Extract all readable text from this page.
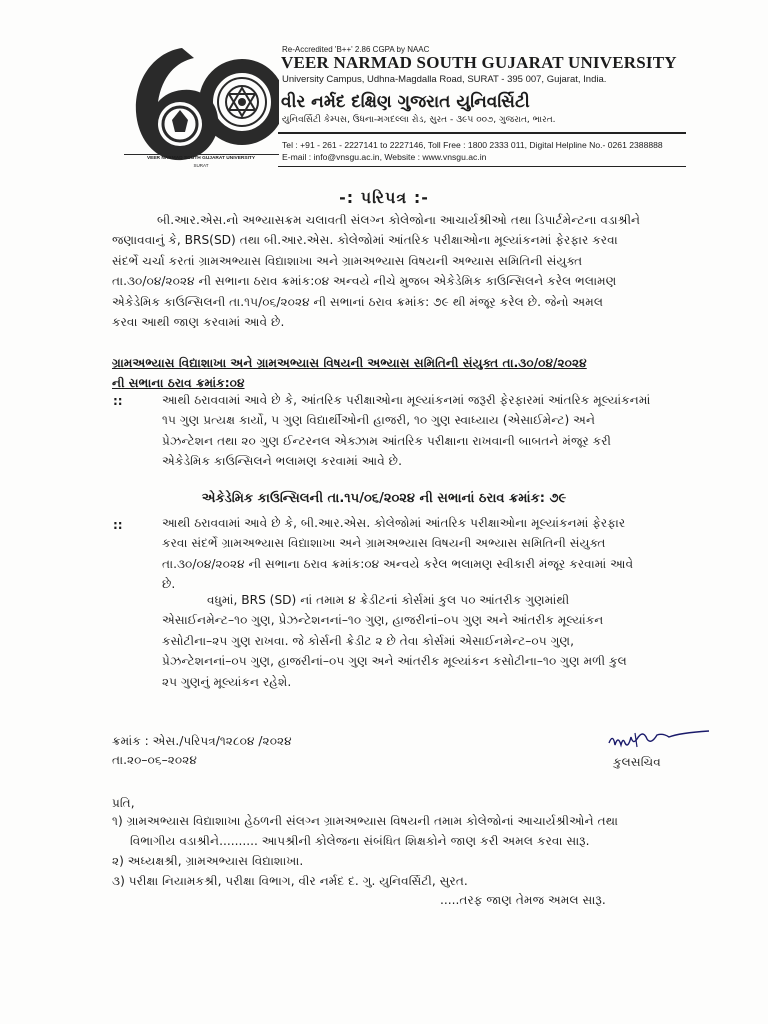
VEER NARMAD SOUTH GUJARAT UNIVERSITY
SURAT
Re-Accredited 'B++' 2.86 CGPA by NAAC
VEER NARMAD SOUTH GUJARAT UNIVERSITY
University Campus, Udhna-Magdalla Road, SURAT - 395 007, Gujarat, India.
વીર નર્મદ દક્ષિણ ગુજરાત યુનિવર્સિટી
યુનિવર્સિટી કેમ્પસ, ઉધના-મગદલ્લા રોડ, સુરત - ૩૯૫ ૦૦૭, ગુજરાત, ભારત.
Tel : +91 - 261 - 2227141 to 2227146, Toll Free : 1800 2333 011, Digital Helpline No.- 0261 2388888
E-mail : info@vnsgu.ac.in, Website : www.vnsgu.ac.in
-: પરિપત્ર :-
બી.આર.એસ.નો અભ્યાસક્રમ ચલાવતી સંલગ્ન કોલેજોના આચાર્યશ્રીઓ તથા ડિપાર્ટમેન્ટના વડાશ્રીને
જણાવવાનું કે, BRS(SD) તથા બી.આર.એસ. કોલેજોમાં આંતરિક પરીક્ષાઓના મૂલ્યાંકનમાં ફેરફાર કરવા
સંદર્ભે ચર્ચા કરતાં ગ્રામઅભ્યાસ વિદ્યાશાખા અને ગ્રામઅભ્યાસ વિષયની અભ્યાસ સમિતિની સંયુક્ત
તા.૩૦/૦૪/૨૦૨૪ ની સભાના ઠરાવ ક્રમાંક:૦૪ અન્વયે નીચે મુજબ એકેડેમિક કાઉન્સિલને કરેલ ભલામણ
એકેડેમિક કાઉન્સિલની તા.૧૫/૦૬/૨૦૨૪ ની સભાનાં ઠરાવ ક્રમાંક: ૭૯ થી મંજૂર કરેલ છે. જેનો અમલ
કરવા આથી જાણ કરવામાં આવે છે.
ગ્રામઅભ્યાસ વિદ્યાશાખા અને ગ્રામઅભ્યાસ વિષયની અભ્યાસ સમિતિની સંયુક્ત તા.૩૦/૦૪/૨૦૨૪
ની સભાના ઠરાવ ક્રમાંક:૦૪
::	આથી ઠરાવવામાં આવે છે કે, આંતરિક પરીક્ષાઓના મૂલ્યાંકનમાં જરૂરી ફેરફારમાં આંતરિક મૂલ્યાંકનમાં
૧૫ ગુણ પ્રત્યક્ષ કાર્યો, ૫ ગુણ વિદ્યાર્થીઓની હાજરી, ૧૦ ગુણ સ્વાધ્યાય (એસાઈમેન્ટ) અને
પ્રેઝન્ટેશન તથા ૨૦ ગુણ ઈન્ટરનલ એક્ઝામ આંતરિક પરીક્ષાના રાખવાની બાબતને મંજૂર કરી
એકેડેમિક કાઉન્સિલને ભલામણ કરવામાં આવે છે.
એકેડેમિક કાઉન્સિલની તા.૧૫/૦૬/૨૦૨૪ ની સભાનાં ઠરાવ ક્રમાંક: ૭૯
::	આથી ઠરાવવામાં આવે છે કે, બી.આર.એસ. કોલેજોમાં આંતરિક પરીક્ષાઓના મૂલ્યાંકનમાં ફેરફાર
કરવા સંદર્ભે ગ્રામઅભ્યાસ વિદ્યાશાખા અને ગ્રામઅભ્યાસ વિષયની અભ્યાસ સમિતિની સંયુક્ત
તા.૩૦/૦૪/૨૦૨૪ ની સભાના ઠરાવ ક્રમાંક:૦૪ અન્વયે કરેલ ભલામણ સ્વીકારી મંજૂર કરવામાં આવે
છે.
વધુમાં, BRS (SD) નાં તમામ ૪ ક્રેડીટનાં કોર્સમાં કુલ ૫૦ આંતરીક ગુણમાંથી
એસાઈનમેન્ટ–૧૦ ગુણ, પ્રેઝન્ટેશનનાં–૧૦ ગુણ, હાજરીનાં–૦૫ ગુણ અને આંતરીક મૂલ્યાંકન
કસોટીના–૨૫ ગુણ રાખવા. જે કોર્સની ક્રેડીટ ૨ છે તેવા કોર્સમાં એસાઈનમેન્ટ–૦૫ ગુણ,
પ્રેઝન્ટેશનનાં–૦૫ ગુણ, હાજરીનાં–૦૫ ગુણ અને આંતરીક મૂલ્યાંકન કસોટીના–૧૦ ગુણ મળી કુલ
૨૫ ગુણનું મૂલ્યાંકન રહેશે.
ક્રમાંક : એસ./પરિપત્ર/૧૨૮૦૪ /૨૦૨૪
તા.૨૦–૦૬–૨૦૨૪	કુલસચિવ
પ્રતિ,
૧) ગ્રામઅભ્યાસ વિદ્યાશાખા હેઠળની સંલગ્ન ગ્રામઅભ્યાસ વિષયની તમામ કોલેજોનાં આચાર્યશ્રીઓને તથા
વિભાગીય વડાશ્રીને.......... આપશ્રીની કોલેજના સંબંધિત શિક્ષકોને જાણ કરી અમલ કરવા સારૂ.
૨) અધ્યક્ષશ્રી, ગ્રામઅભ્યાસ વિદ્યાશાખા.
૩) પરીક્ષા નિયામકશ્રી, પરીક્ષા વિભાગ, વીર નર્મદ દ. ગુ. યુનિવર્સિટી, સુરત.
.....તરફ જાણ તેમજ અમલ સારૂ.
